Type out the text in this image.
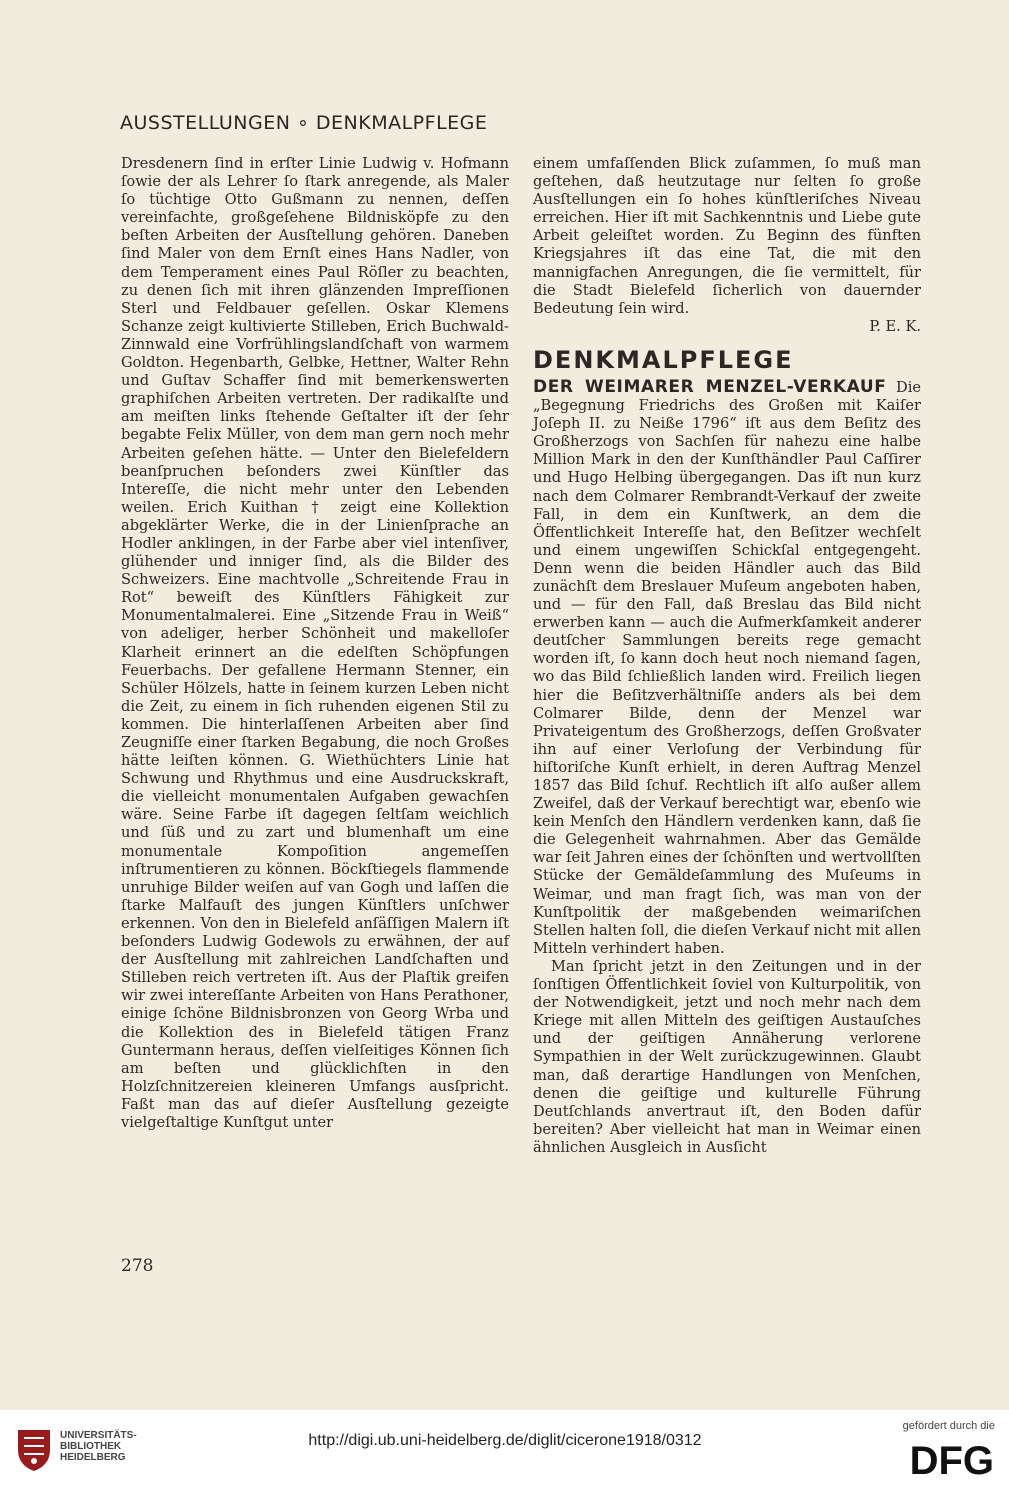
AUSSTELLUNGEN ∘ DENKMALPFLEGE

Dresdenern ſind in erſter Linie Ludwig v. Hofmann ſowie der als Lehrer ſo ſtark anregende, als Maler ſo tüchtige Otto Gußmann zu nennen, deſſen vereinfachte, großgeſehene Bildnisköpfe zu den beſten Arbeiten der Ausſtellung gehören. Daneben ſind Maler von dem Ernſt eines Hans Nadler, von dem Temperament eines Paul Röſler zu beachten, zu denen ſich mit ihren glänzenden Impreſſionen Sterl und Feldbauer geſellen. Oskar Klemens Schanze zeigt kultivierte Stilleben, Erich Buchwald-Zinnwald eine Vorfrühlingslandſchaft von warmem Goldton. Hegenbarth, Gelbke, Hettner, Walter Rehn und Guſtav Schaffer ſind mit bemerkenswerten graphiſchen Arbeiten vertreten. Der radikalſte und am meiſten links ſtehende Geſtalter iſt der ſehr begabte Felix Müller, von dem man gern noch mehr Arbeiten geſehen hätte. — Unter den Bielefeldern beanſpruchen beſonders zwei Künſtler das Intereſſe, die nicht mehr unter den Lebenden weilen. Erich Kuithan † zeigt eine Kollektion abgeklärter Werke, die in der Linienſprache an Hodler anklingen, in der Farbe aber viel intenſiver, glühender und inniger ſind, als die Bilder des Schweizers. Eine machtvolle „Schreitende Frau in Rot“ beweiſt des Künſtlers Fähigkeit zur Monumentalmalerei. Eine „Sitzende Frau in Weiß“ von adeliger, herber Schönheit und makelloſer Klarheit erinnert an die edelſten Schöpfungen Feuerbachs. Der gefallene Hermann Stenner, ein Schüler Hölzels, hatte in ſeinem kurzen Leben nicht die Zeit, zu einem in ſich ruhenden eigenen Stil zu kommen. Die hinterlaſſenen Arbeiten aber ſind Zeugniſſe einer ſtarken Begabung, die noch Großes hätte leiſten können. G. Wiethüchters Linie hat Schwung und Rhythmus und eine Ausdruckskraft, die vielleicht monumentalen Aufgaben gewachſen wäre. Seine Farbe iſt dagegen ſeltſam weichlich und ſüß und zu zart und blumenhaft um eine monumentale Kompoſition angemeſſen inſtrumentieren zu können. Böckſtiegels flammende unruhige Bilder weiſen auf van Gogh und laſſen die ſtarke Malfauſt des jungen Künſtlers unſchwer erkennen. Von den in Bielefeld anſäſſigen Malern iſt beſonders Ludwig Godewols zu erwähnen, der auf der Ausſtellung mit zahlreichen Landſchaften und Stilleben reich vertreten iſt. Aus der Plaſtik greifen wir zwei intereſſante Arbeiten von Hans Perathoner, einige ſchöne Bildnisbronzen von Georg Wrba und die Kollektion des in Bielefeld tätigen Franz Guntermann heraus, deſſen vielſeitiges Können ſich am beſten und glücklichſten in den Holzſchnitzereien kleineren Umfangs ausſpricht. Faßt man das auf dieſer Ausſtellung gezeigte vielgeſtaltige Kunſtgut unter

einem umfaſſenden Blick zuſammen, ſo muß man geſtehen, daß heutzutage nur ſelten ſo große Ausſtellungen ein ſo hohes künſtleriſches Niveau erreichen. Hier iſt mit Sachkenntnis und Liebe gute Arbeit geleiſtet worden. Zu Beginn des fünften Kriegsjahres iſt das eine Tat, die mit den mannigfachen Anregungen, die ſie vermittelt, für die Stadt Bielefeld ſicherlich von dauernder Bedeutung ſein wird.

P. E. K.

DENKMALPFLEGE

DER WEIMARER MENZEL-VERKAUF Die „Begegnung Friedrichs des Großen mit Kaiſer Joſeph II. zu Neiße 1796“ iſt aus dem Beſitz des Großherzogs von Sachſen für nahezu eine halbe Million Mark in den der Kunſthändler Paul Caſſirer und Hugo Helbing übergegangen. Das iſt nun kurz nach dem Colmarer Rembrandt-Verkauf der zweite Fall, in dem ein Kunſtwerk, an dem die Öffentlichkeit Intereſſe hat, den Beſitzer wechſelt und einem ungewiſſen Schickſal entgegengeht. Denn wenn die beiden Händler auch das Bild zunächſt dem Breslauer Muſeum angeboten haben, und — für den Fall, daß Breslau das Bild nicht erwerben kann — auch die Aufmerkſamkeit anderer deutſcher Sammlungen bereits rege gemacht worden iſt, ſo kann doch heut noch niemand ſagen, wo das Bild ſchließlich landen wird. Freilich liegen hier die Beſitzverhältniſſe anders als bei dem Colmarer Bilde, denn der Menzel war Privateigentum des Großherzogs, deſſen Großvater ihn auf einer Verloſung der Verbindung für hiſtoriſche Kunſt erhielt, in deren Auftrag Menzel 1857 das Bild ſchuf. Rechtlich iſt alſo außer allem Zweifel, daß der Verkauf berechtigt war, ebenſo wie kein Menſch den Händlern verdenken kann, daß ſie die Gelegenheit wahrnahmen. Aber das Gemälde war ſeit Jahren eines der ſchönſten und wertvollſten Stücke der Gemäldeſammlung des Muſeums in Weimar, und man fragt ſich, was man von der Kunſtpolitik der maßgebenden weimariſchen Stellen halten ſoll, die dieſen Verkauf nicht mit allen Mitteln verhindert haben.

Man ſpricht jetzt in den Zeitungen und in der ſonſtigen Öffentlichkeit ſoviel von Kulturpolitik, von der Notwendigkeit, jetzt und noch mehr nach dem Kriege mit allen Mitteln des geiſtigen Austauſches und der geiſtigen Annäherung verlorene Sympathien in der Welt zurückzugewinnen. Glaubt man, daß derartige Handlungen von Menſchen, denen die geiſtige und kulturelle Führung Deutſchlands anvertraut iſt, den Boden dafür bereiten? Aber vielleicht hat man in Weimar einen ähnlichen Ausgleich in Ausſicht

278
UNIVERSITÄTS-
BIBLIOTHEK
HEIDELBERG
http://digi.ub.uni-heidelberg.de/diglit/cicerone1918/0312
gefördert durch die
DFG
